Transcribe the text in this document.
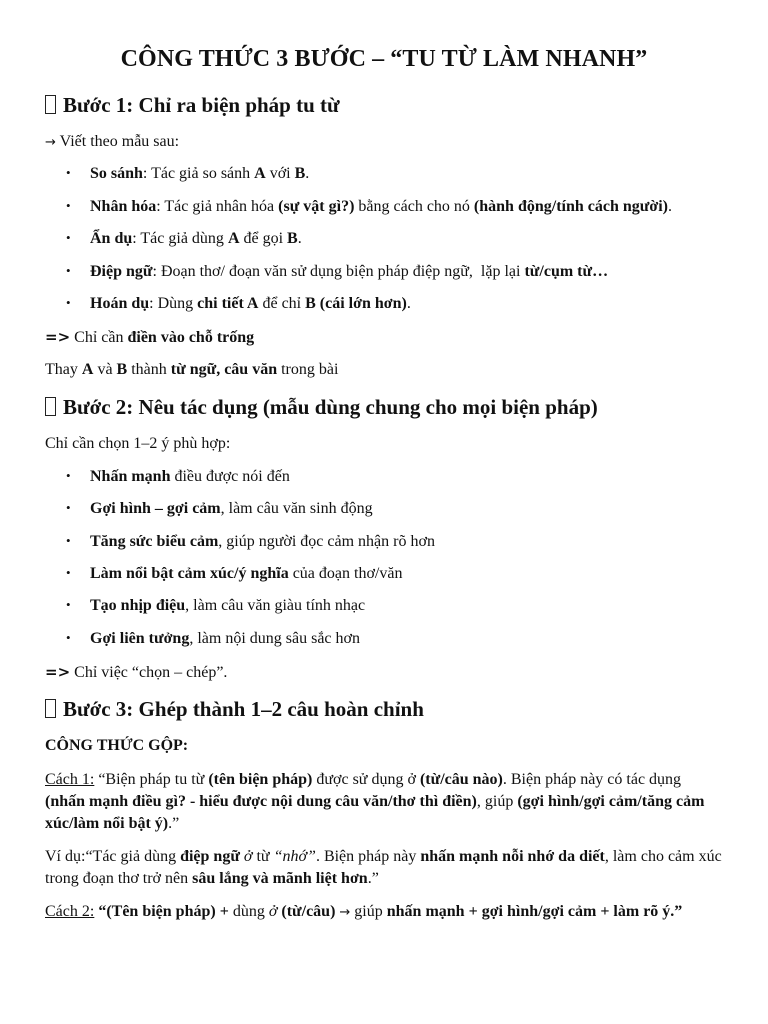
CÔNG THỨC 3 BƯỚC – “TU TỪ LÀM NHANH”
Bước 1: Chỉ ra biện pháp tu từ
→ Viết theo mẫu sau:
• So sánh: Tác giả so sánh A với B.
• Nhân hóa: Tác giả nhân hóa (sự vật gì?) bằng cách cho nó (hành động/tính cách người).
• Ẩn dụ: Tác giả dùng A để gọi B.
• Điệp ngữ: Đoạn thơ/ đoạn văn sử dụng biện pháp điệp ngữ,  lặp lại từ/cụm từ…
• Hoán dụ: Dùng chi tiết A để chỉ B (cái lớn hơn).
=> Chỉ cần điền vào chỗ trống
Thay A và B thành từ ngữ, câu văn trong bài
Bước 2: Nêu tác dụng (mẫu dùng chung cho mọi biện pháp)
Chỉ cần chọn 1–2 ý phù hợp:
• Nhấn mạnh điều được nói đến
• Gợi hình – gợi cảm, làm câu văn sinh động
• Tăng sức biểu cảm, giúp người đọc cảm nhận rõ hơn
• Làm nổi bật cảm xúc/ý nghĩa của đoạn thơ/văn
• Tạo nhịp điệu, làm câu văn giàu tính nhạc
• Gợi liên tưởng, làm nội dung sâu sắc hơn
=> Chỉ việc “chọn – chép”.
Bước 3: Ghép thành 1–2 câu hoàn chỉnh
CÔNG THỨC GỘP:
Cách 1: “Biện pháp tu từ (tên biện pháp) được sử dụng ở (từ/câu nào). Biện pháp này có tác dụng (nhấn mạnh điều gì? - hiểu được nội dung câu văn/thơ thì điền), giúp (gợi hình/gợi cảm/tăng cảm xúc/làm nổi bật ý).”
Ví dụ:“Tác giả dùng điệp ngữ ở từ “nhớ”. Biện pháp này nhấn mạnh nỗi nhớ da diết, làm cho cảm xúc trong đoạn thơ trở nên sâu lắng và mãnh liệt hơn.”
Cách 2: “(Tên biện pháp) + dùng ở (từ/câu) → giúp nhấn mạnh + gợi hình/gợi cảm + làm rõ ý.”
